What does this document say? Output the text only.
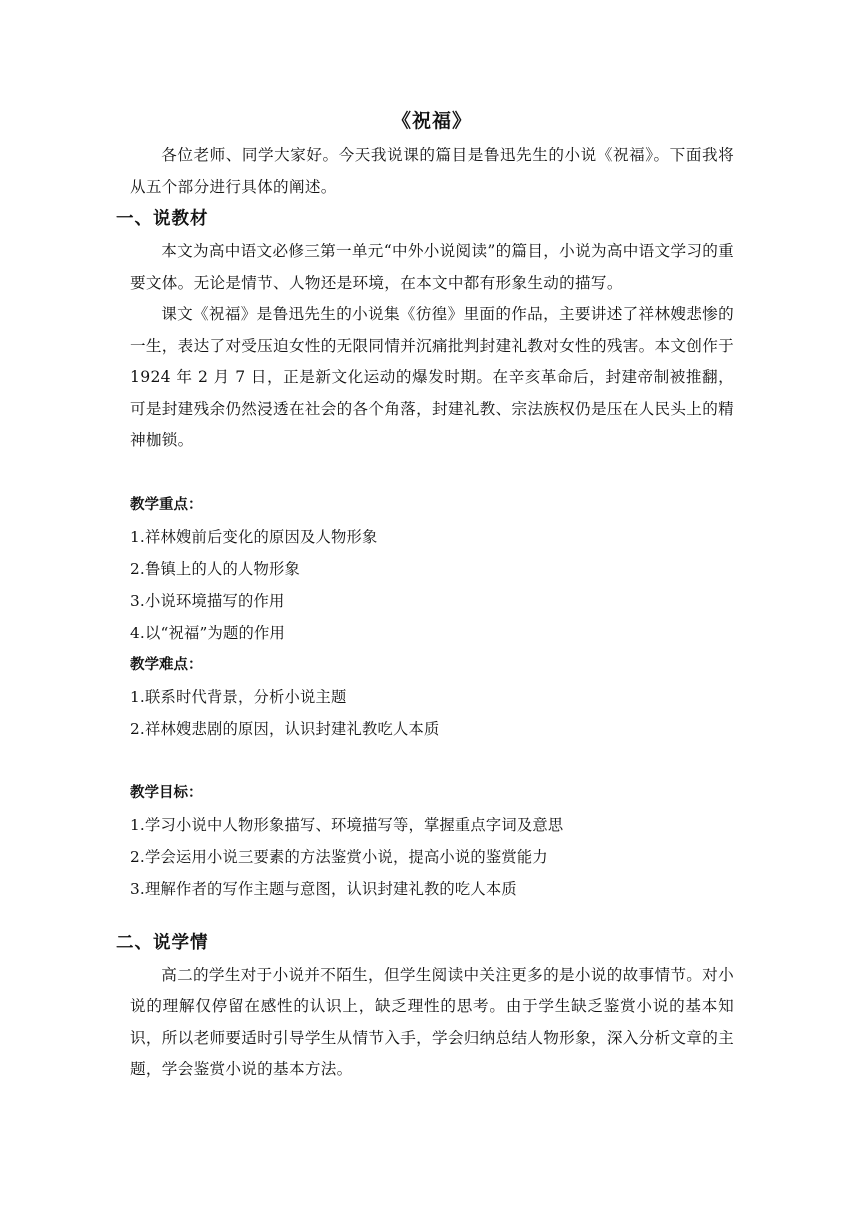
《祝福》

各位老师、同学大家好。今天我说课的篇目是鲁迅先生的小说《祝福》。下面我将从五个部分进行具体的阐述。

一、说教材

本文为高中语文必修三第一单元“中外小说阅读”的篇目，小说为高中语文学习的重要文体。无论是情节、人物还是环境，在本文中都有形象生动的描写。

课文《祝福》是鲁迅先生的小说集《彷徨》里面的作品，主要讲述了祥林嫂悲惨的一生，表达了对受压迫女性的无限同情并沉痛批判封建礼教对女性的残害。本文创作于 1924 年 2 月 7 日，正是新文化运动的爆发时期。在辛亥革命后，封建帝制被推翻，可是封建残余仍然浸透在社会的各个角落，封建礼教、宗法族权仍是压在人民头上的精神枷锁。

教学重点：
1.祥林嫂前后变化的原因及人物形象
2.鲁镇上的人的人物形象
3.小说环境描写的作用
4.以“祝福”为题的作用
教学难点：
1.联系时代背景，分析小说主题
2.祥林嫂悲剧的原因，认识封建礼教吃人本质
教学目标：
1.学习小说中人物形象描写、环境描写等，掌握重点字词及意思
2.学会运用小说三要素的方法鉴赏小说，提高小说的鉴赏能力
3.理解作者的写作主题与意图，认识封建礼教的吃人本质
二、说学情

高二的学生对于小说并不陌生，但学生阅读中关注更多的是小说的故事情节。对小说的理解仅停留在感性的认识上，缺乏理性的思考。由于学生缺乏鉴赏小说的基本知识，所以老师要适时引导学生从情节入手，学会归纳总结人物形象，深入分析文章的主题，学会鉴赏小说的基本方法。
